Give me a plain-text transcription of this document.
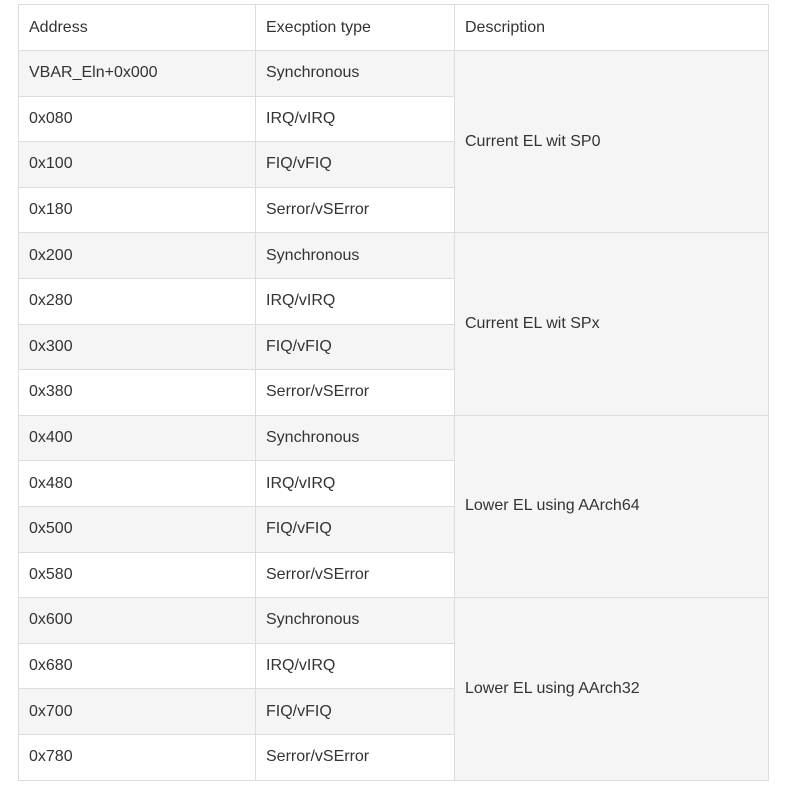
Address	Execption type	Description
VBAR_Eln+0x000	Synchronous	Current EL wit SP0
0x080	IRQ/vIRQ	
0x100	FIQ/vFIQ	
0x180	Serror/vSError	
0x200	Synchronous	Current EL wit SPx
0x280	IRQ/vIRQ	
0x300	FIQ/vFIQ	
0x380	Serror/vSError	
0x400	Synchronous	Lower EL using AArch64
0x480	IRQ/vIRQ	
0x500	FIQ/vFIQ	
0x580	Serror/vSError	
0x600	Synchronous	Lower EL using AArch32
0x680	IRQ/vIRQ	
0x700	FIQ/vFIQ	
0x780	Serror/vSError	
